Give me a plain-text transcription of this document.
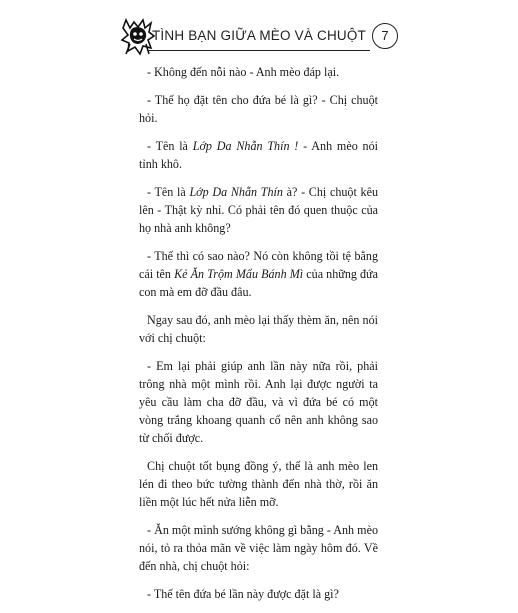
TÌNH BẠN GIỮA MÈO VÀ CHUỘT	7

- Không đến nỗi nào - Anh mèo đáp lại.

- Thế họ đặt tên cho đứa bé là gì? - Chị chuột hỏi.

- Tên là Lớp Da Nhẵn Thín ! - Anh mèo nói tỉnh khô.

- Tên là Lớp Da Nhẵn Thín à? - Chị chuột kêu lên - Thật kỳ nhỉ. Có phải tên đó quen thuộc của họ nhà anh không?

- Thế thì có sao nào? Nó còn không tồi tệ bằng cái tên Kẻ Ăn Trộm Mẩu Bánh Mì của những đứa con mà em đỡ đầu đâu.

Ngay sau đó, anh mèo lại thấy thèm ăn, nên nói với chị chuột:

- Em lại phải giúp anh lần này nữa rồi, phải trông nhà một mình rồi. Anh lại được người ta yêu cầu làm cha đỡ đầu, và vì đứa bé có một vòng trắng khoang quanh cổ nên anh không sao từ chối được.

Chị chuột tốt bụng đồng ý, thế là anh mèo len lén đi theo bức tường thành đến nhà thờ, rồi ăn liền một lúc hết nửa liễn mỡ.

- Ăn một mình sướng không gì bằng - Anh mèo nói, tỏ ra thỏa mãn về việc làm ngày hôm đó. Về đến nhà, chị chuột hỏi:

- Thế tên đứa bé lần này được đặt là gì?
